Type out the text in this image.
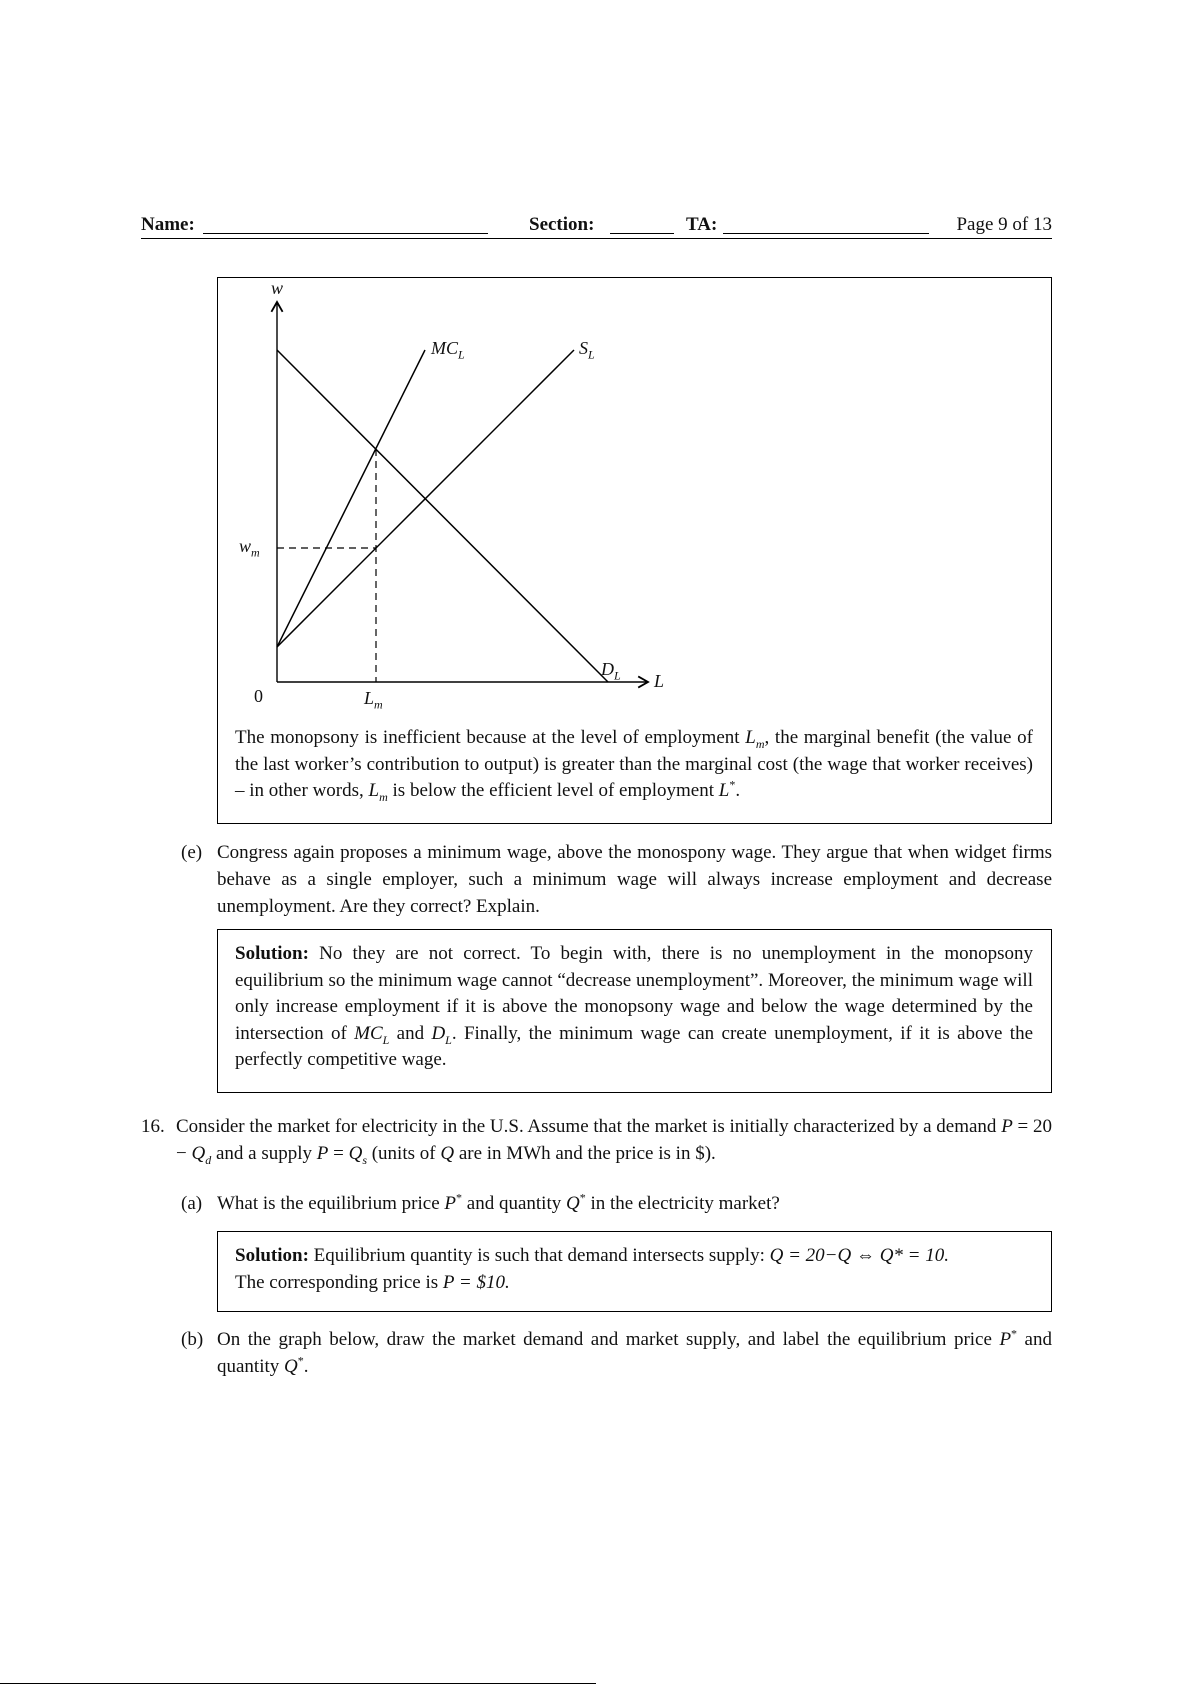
Name:	Section:	TA:	Page 9 of 13
w
L
0
$w_m$
$L_m$
$MC_L$	$S_L$
$D_L$
The monopsony is inefficient because at the level of employment $L_m$, the marginal benefit (the value of the last worker’s contribution to output) is greater than the marginal cost (the wage that worker receives) – in other words, $L_m$ is below the efficient level of employment L*.
(e) Congress again proposes a minimum wage, above the monospony wage. They argue that when widget firms behave as a single employer, such a minimum wage will always increase employment and decrease unemployment. Are they correct? Explain.
Solution: No they are not correct. To begin with, there is no unemployment in the monopsony equilibrium so the minimum wage cannot “decrease unemployment”. Moreover, the minimum wage will only increase employment if it is above the monopsony wage and below the wage determined by the intersection of $MC_L$ and $D_L$. Finally, the minimum wage can create unemployment, if it is above the perfectly competitive wage.
16. Consider the market for electricity in the U.S. Assume that the market is initially characterized by a demand $P = 20 - Q_d$ and a supply $P = Q_s$ (units of Q are in MWh and the price is in $).
(a) What is the equilibrium price P* and quantity Q* in the electricity market?
Solution: Equilibrium quantity is such that demand intersects supply: Q = 20−Q ⇔ Q* = 10.
The corresponding price is P = $10.
(b) On the graph below, draw the market demand and market supply, and label the equilibrium price P* and quantity Q*.
